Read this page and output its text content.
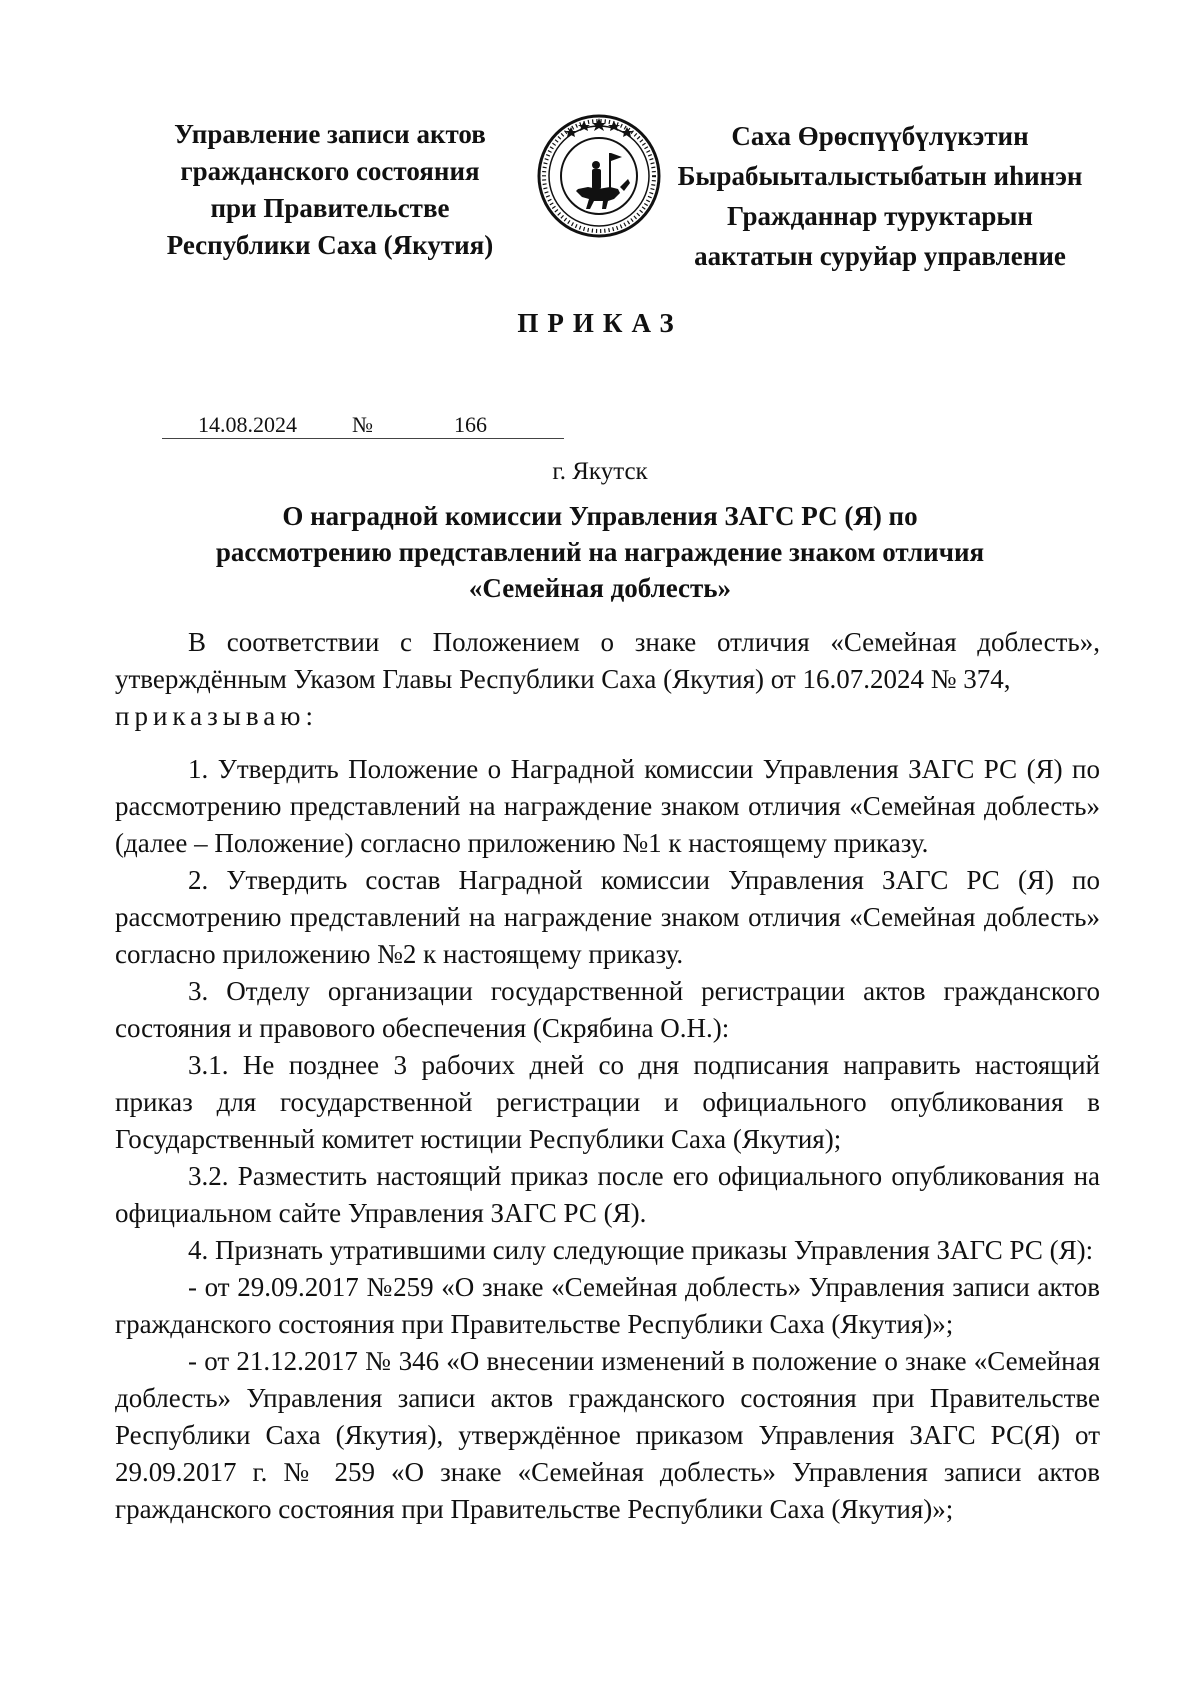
Управление записи актов
гражданского состояния
при Правительстве
Республики Саха (Якутия)
Саха Өрөспүүбүлүкэтин
Бырабыыталыстыбатын иһинэн
Гражданнар туруктарын
аактатын суруйар управление
ПРИКАЗ
14.08.2024	№	166
г. Якутск
О наградной комиссии Управления ЗАГС РС (Я) по
рассмотрению представлений на награждение знаком отличия
«Семейная доблесть»

В соответствии с Положением о знаке отличия «Семейная доблесть», утверждённым Указом Главы Республики Саха (Якутия) от 16.07.2024 № 374,
приказываю:

1. Утвердить Положение о Наградной комиссии Управления ЗАГС РС (Я) по рассмотрению представлений на награждение знаком отличия «Семейная доблесть» (далее – Положение) согласно приложению №1 к настоящему приказу.

2. Утвердить состав Наградной комиссии Управления ЗАГС РС (Я) по рассмотрению представлений на награждение знаком отличия «Семейная доблесть» согласно приложению №2 к настоящему приказу.

3. Отделу организации государственной регистрации актов гражданского состояния и правового обеспечения (Скрябина О.Н.):

3.1. Не позднее 3 рабочих дней со дня подписания направить настоящий приказ для государственной регистрации и официального опубликования в Государственный комитет юстиции Республики Саха (Якутия);

3.2. Разместить настоящий приказ после его официального опубликования на официальном сайте Управления ЗАГС РС (Я).

4. Признать утратившими силу следующие приказы Управления ЗАГС РС (Я):

- от 29.09.2017 №259 «О знаке «Семейная доблесть» Управления записи актов гражданского состояния при Правительстве Республики Саха (Якутия)»;

- от 21.12.2017 № 346 «О внесении изменений в положение о знаке «Семейная доблесть» Управления записи актов гражданского состояния при Правительстве Республики Саха (Якутия), утверждённое приказом Управления ЗАГС РС(Я) от 29.09.2017 г. № 259 «О знаке «Семейная доблесть» Управления записи актов гражданского состояния при Правительстве Республики Саха (Якутия)»;
